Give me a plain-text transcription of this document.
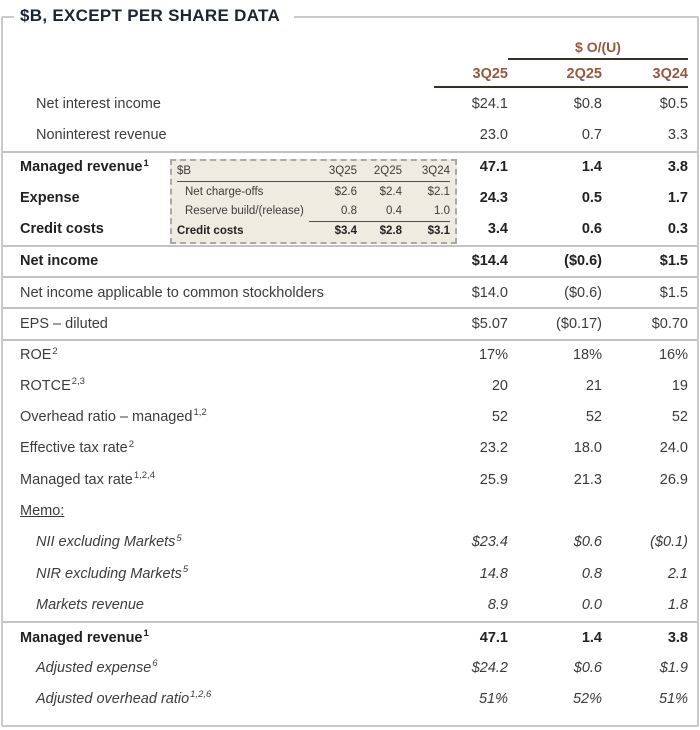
$B, EXCEPT PER SHARE DATA
$ O/(U)
3Q25	2Q25	3Q24
Net interest income	$24.1	$0.8	$0.5
Noninterest revenue	23.0	0.7	3.3
Managed revenue$^1$	47.1	1.4	3.8
Expense	24.3	0.5	1.7
Credit costs	3.4	0.6	0.3
Net income	$14.4	($0.6)	$1.5
Net income applicable to common stockholders	$14.0	($0.6)	$1.5
EPS – diluted	$5.07	($0.17)	$0.70
ROE$^2$	17%	18%	16%
ROTCE$^{2,3}$	20	21	19
Overhead ratio – managed$^{1,2}$	52	52	52
Effective tax rate$^2$	23.2	18.0	24.0
Managed tax rate$^{1,2,4}$	25.9	21.3	26.9
Memo:
NII excluding Markets$^5$	$23.4	$0.6	($0.1)
NIR excluding Markets$^5$	14.8	0.8	2.1
Markets revenue	8.9	0.0	1.8
Managed revenue$^1$	47.1	1.4	3.8
Adjusted expense$^6$	$24.2	$0.6	$1.9
Adjusted overhead ratio$^{1,2,6}$	51%	52%	51%
$B	3Q25	2Q25	3Q24
Net charge-offs	$2.6	$2.4	$2.1
Reserve build/(release)	0.8	0.4	1.0
Credit costs	$3.4	$2.8	$3.1
